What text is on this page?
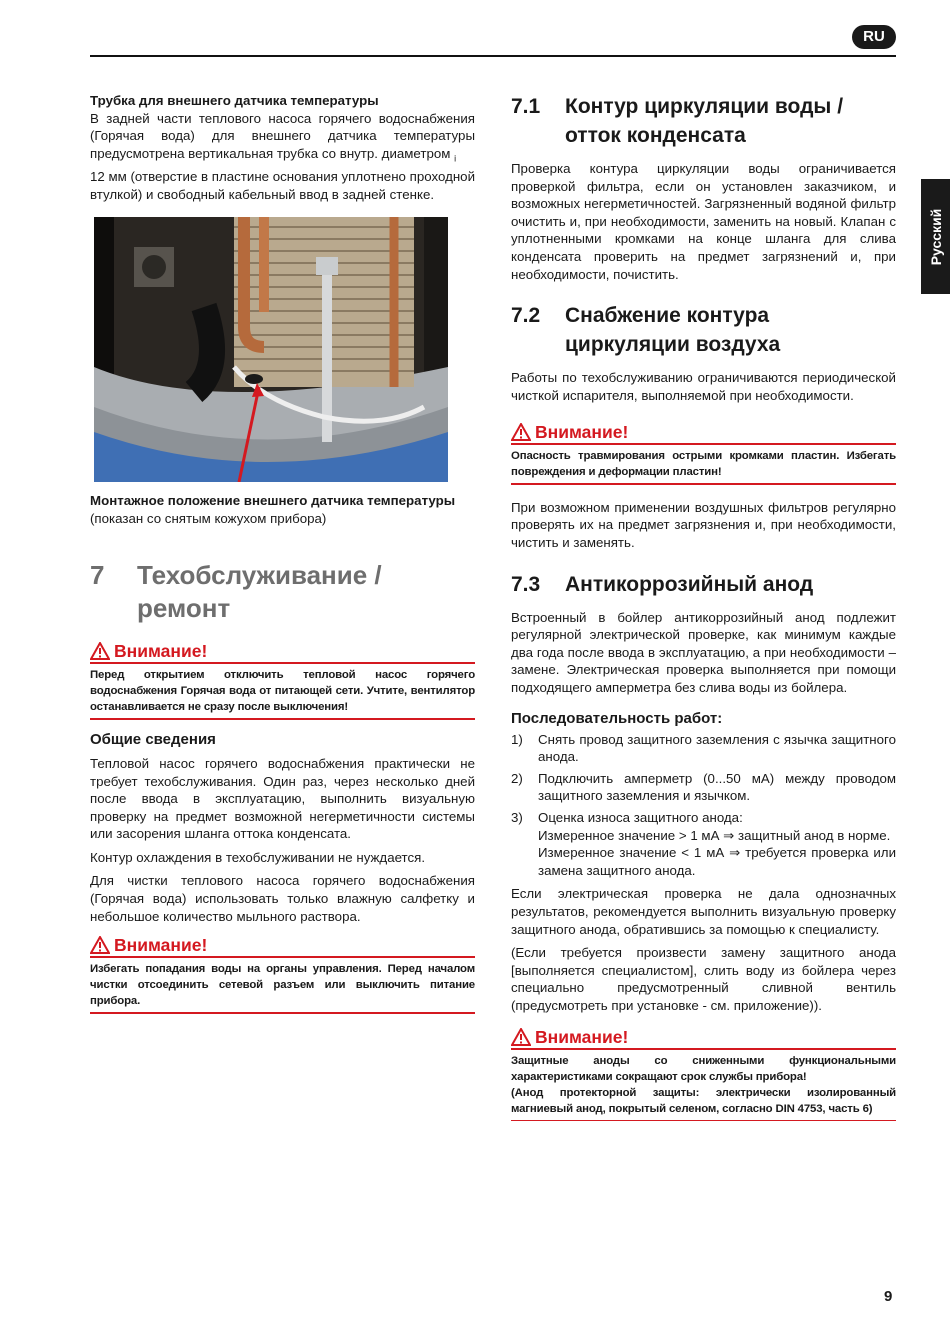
RU
Русский
Трубка для внешнего датчика температуры

В задней части теплового насоса горячего водоснабжения (Горячая вода) для внешнего датчика температуры предусмотрена вертикальная трубка со внутр. диаметром $_i$
12 мм (отверстие в пластине основания уплотнено проходной втулкой) и свободный кабельный ввод в задней стенке.

Монтажное положение внешнего датчика температуры

(показан со снятым кожухом прибора)

7	Техобслуживание / ремонт
Внимание!

Перед открытием отключить тепловой насос горячего водоснабжения Горячая вода от питающей сети. Учтите, вентилятор останавливается не сразу после выключения!

Общие сведения

Тепловой насос горячего водоснабжения практически не требует техобслуживания. Один раз, через несколько дней после ввода в эксплуатацию, выполнить визуальную проверку на предмет возможной негерметичности системы или засорения шланга оттока конденсата.

Контур охлаждения в техобслуживании не нуждается.

Для чистки теплового насоса горячего водоснабжения (Горячая вода) использовать только влажную салфетку и небольшое количество мыльного раствора.

Внимание!

Избегать попадания воды на органы управления. Перед началом чистки отсоединить сетевой разъем или выключить питание прибора.

7.1	Контур циркуляции воды / отток конденсата

Проверка контура циркуляции воды ограничивается проверкой фильтра, если он установлен заказчиком, и возможных негерметичностей. Загрязненный водяной фильтр очистить и, при необходимости, заменить на новый. Клапан с уплотненными кромками на конце шланга для слива конденсата проверить на предмет загрязнений и, при необходимости, почистить.

7.2	Снабжение контура циркуляции воздуха

Работы по техобслуживанию ограничиваются периодической чисткой испарителя, выполняемой при необходимости.

Внимание!

Опасность травмирования острыми кромками пластин. Избегать повреждения и деформации пластин!

При возможном применении воздушных фильтров регулярно проверять их на предмет загрязнения и, при необходимости, чистить и заменять.

7.3	Антикоррозийный анод

Встроенный в бойлер антикоррозийный анод подлежит регулярной электрической проверке, как минимум каждые два года после ввода в эксплуатацию, а при необходимости – замене. Электрическая проверка выполняется при помощи подходящего амперметра без слива воды из бойлера.

Последовательность работ:
1)	Снять провод защитного заземления с язычка защитного анода.
2)	Подключить амперметр (0...50 мА) между проводом защитного заземления и язычком.
3)	Оценка износа защитного анода:
Измеренное значение > 1 мА ⇒ защитный анод в норме.
Измеренное значение < 1 мА ⇒ требуется проверка или замена защитного анода.

Если электрическая проверка не дала однозначных результатов, рекомендуется выполнить визуальную проверку защитного анода, обратившись за помощью к специалисту.

(Если требуется произвести замену защитного анода [выполняется специалистом], слить воду из бойлера через специально предусмотренный сливной вентиль (предусмотреть при установке - см. приложение)).

Внимание!

Защитные аноды со сниженными функциональными характеристиками сокращают срок службы прибора!

(Анод протекторной защиты: электрически изолированный магниевый анод, покрытый селеном, согласно DIN 4753, часть 6)

9
